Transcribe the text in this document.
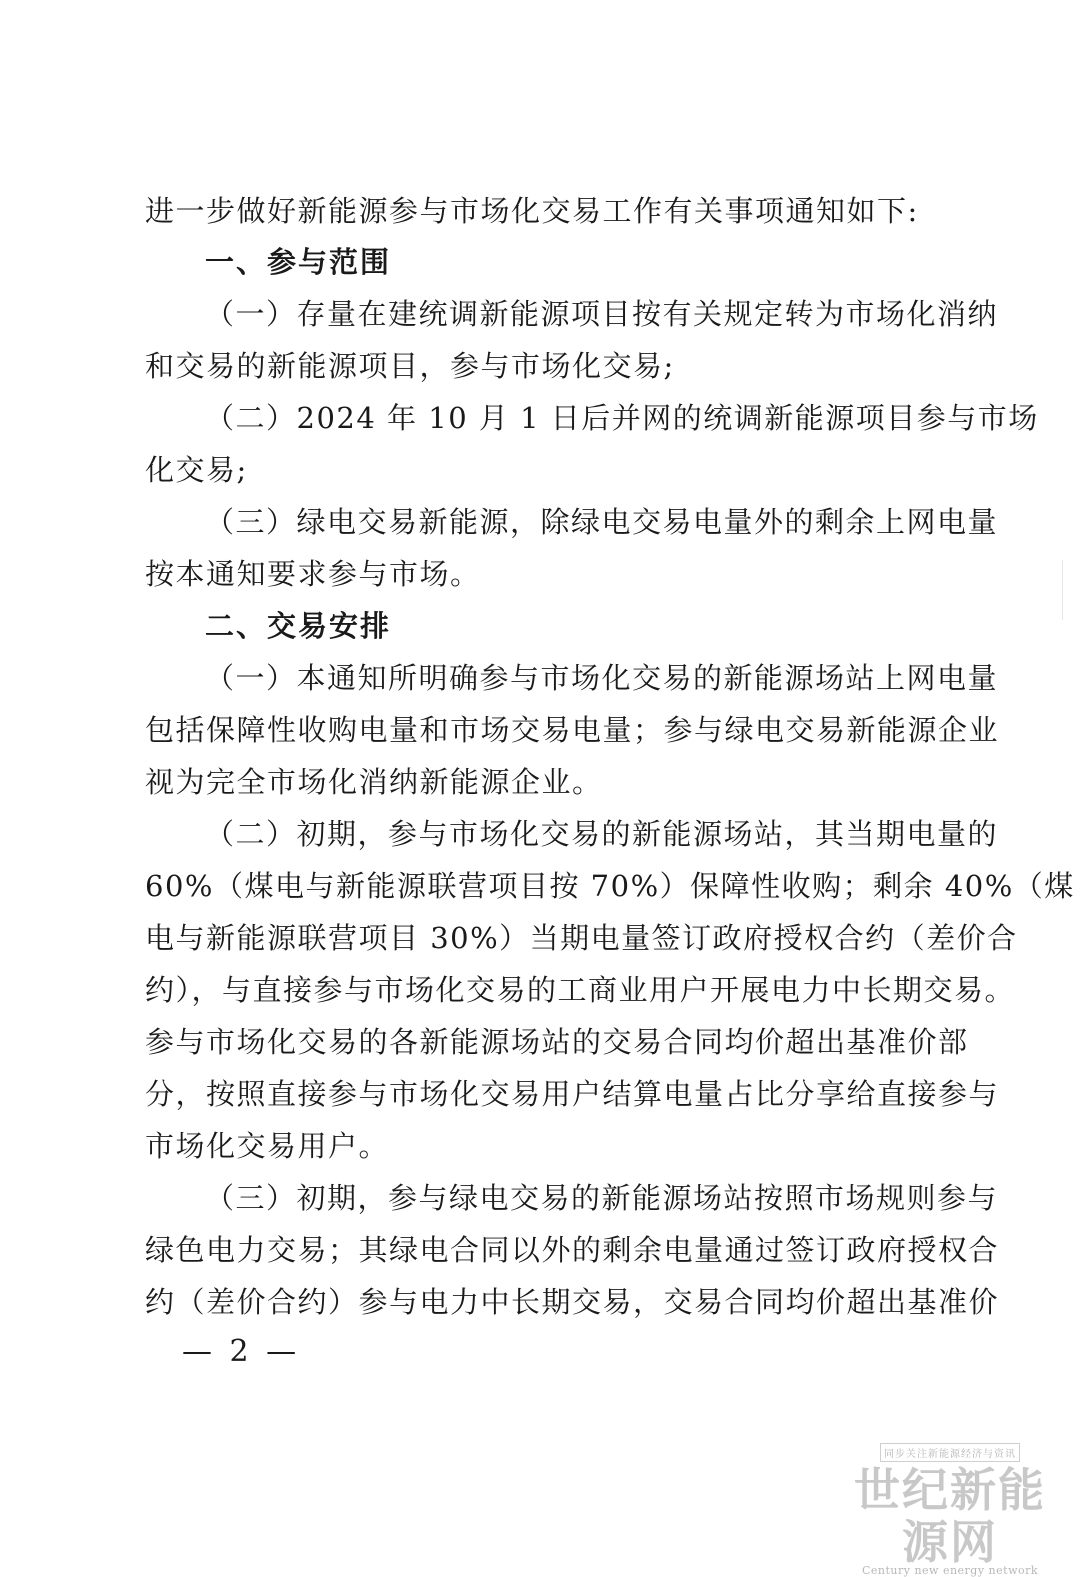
进一步做好新能源参与市场化交易工作有关事项通知如下:
一、参与范围
（一）存量在建统调新能源项目按有关规定转为市场化消纳
和交易的新能源项目，参与市场化交易;
（二）2024 年 10 月 1 日后并网的统调新能源项目参与市场
化交易;
（三）绿电交易新能源，除绿电交易电量外的剩余上网电量
按本通知要求参与市场。
二、交易安排
（一）本通知所明确参与市场化交易的新能源场站上网电量
包括保障性收购电量和市场交易电量；参与绿电交易新能源企业
视为完全市场化消纳新能源企业。
（二）初期，参与市场化交易的新能源场站，其当期电量的
60%（煤电与新能源联营项目按 70%）保障性收购；剩余 40%（煤
电与新能源联营项目 30%）当期电量签订政府授权合约（差价合
约），与直接参与市场化交易的工商业用户开展电力中长期交易。
参与市场化交易的各新能源场站的交易合同均价超出基准价部
分，按照直接参与市场化交易用户结算电量占比分享给直接参与
市场化交易用户。
（三）初期，参与绿电交易的新能源场站按照市场规则参与
绿色电力交易；其绿电合同以外的剩余电量通过签订政府授权合
约（差价合约）参与电力中长期交易，交易合同均价超出基准价
— 2 —
同步关注新能源经济与资讯
世纪新能源网
Century new energy network
